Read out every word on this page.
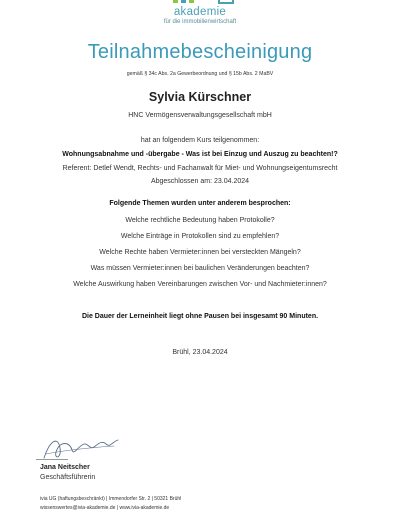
akademie
für die immobilienwirtschaft
Teilnahmebescheinigung
gemäß § 34c Abs. 2a Gewerbeordnung und § 15b Abs. 2 MaBV
Sylvia Kürschner
HNC Vermögensverwaltungsgesellschaft mbH
hat an folgendem Kurs teilgenommen:
Wohnungsabnahme und -übergabe - Was ist bei Einzug und Auszug zu beachten!?
Referent: Detlef Wendt, Rechts- und Fachanwalt für Miet- und Wohnungseigentumsrecht
Abgeschlossen am: 23.04.2024
Folgende Themen wurden unter anderem besprochen:
Welche rechtliche Bedeutung haben Protokolle?
Welche Einträge in Protokollen sind zu empfehlen?
Welche Rechte haben Vermieter:innen bei versteckten Mängeln?
Was müssen Vermieter:innen bei baulichen Veränderungen beachten?
Welche Auswirkung haben Vereinbarungen zwischen Vor- und Nachmieter:innen?
Die Dauer der Lerneinheit liegt ohne Pausen bei insgesamt 90 Minuten.
Brühl, 23.04.2024
Jana Neitscher
Geschäftsführerin
ivia UG (haftungsbeschränkt) | Immendorfer Str. 2 | 50321 Brühl
wissenswertes@ivia-akademie.de | www.ivia-akademie.de
